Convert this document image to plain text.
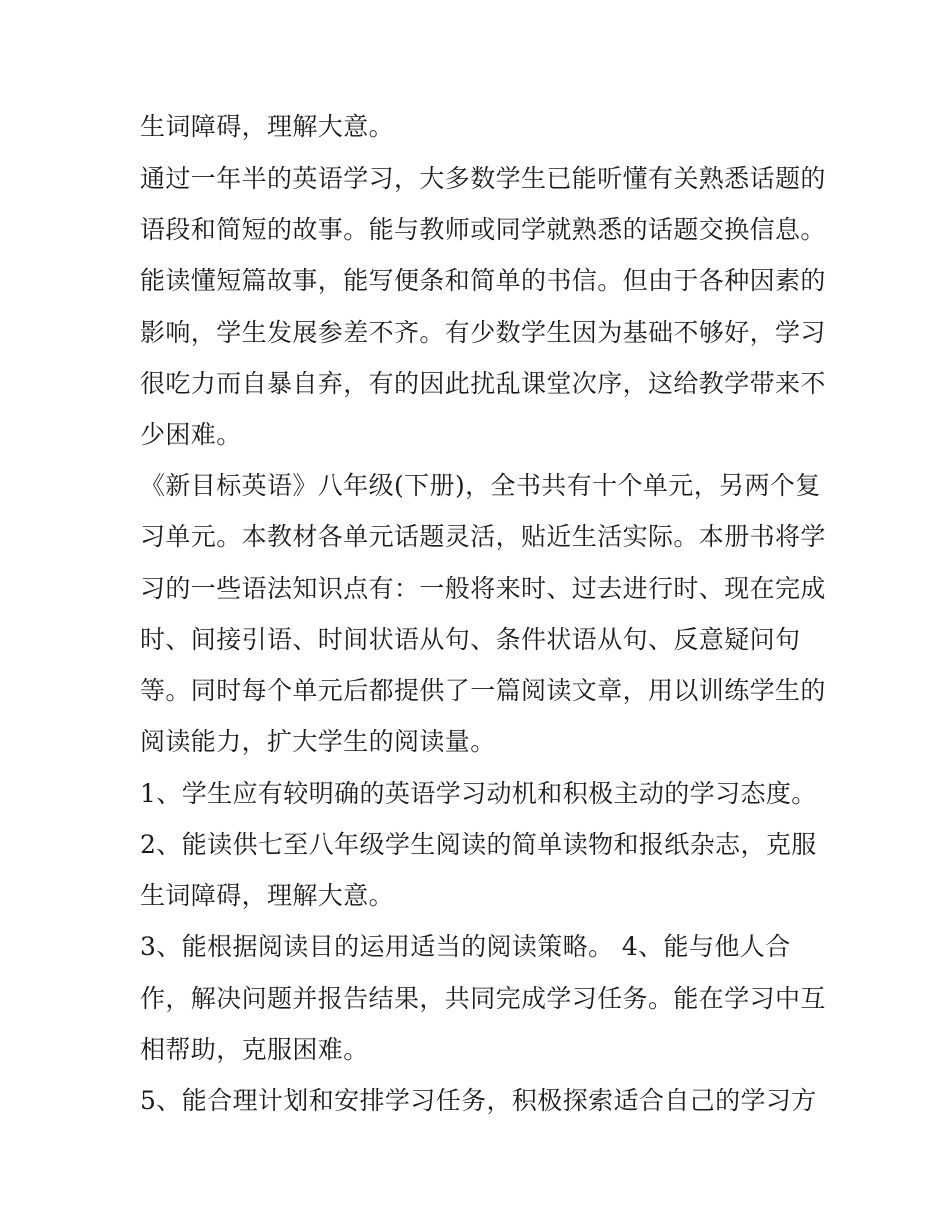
生词障碍，理解大意。
通过一年半的英语学习，大多数学生已能听懂有关熟悉话题的
语段和简短的故事。能与教师或同学就熟悉的话题交换信息。
能读懂短篇故事，能写便条和简单的书信。但由于各种因素的
影响，学生发展参差不齐。有少数学生因为基础不够好，学习
很吃力而自暴自弃，有的因此扰乱课堂次序，这给教学带来不
少困难。
《新目标英语》八年级(下册)，全书共有十个单元，另两个复
习单元。本教材各单元话题灵活，贴近生活实际。本册书将学
习的一些语法知识点有：一般将来时、过去进行时、现在完成
时、间接引语、时间状语从句、条件状语从句、反意疑问句
等。同时每个单元后都提供了一篇阅读文章，用以训练学生的
阅读能力，扩大学生的阅读量。
1、学生应有较明确的英语学习动机和积极主动的学习态度。
2、能读供七至八年级学生阅读的简单读物和报纸杂志，克服
生词障碍，理解大意。
3、能根据阅读目的运用适当的阅读策略。 4、能与他人合
作，解决问题并报告结果，共同完成学习任务。能在学习中互
相帮助，克服困难。
5、能合理计划和安排学习任务，积极探索适合自己的学习方
